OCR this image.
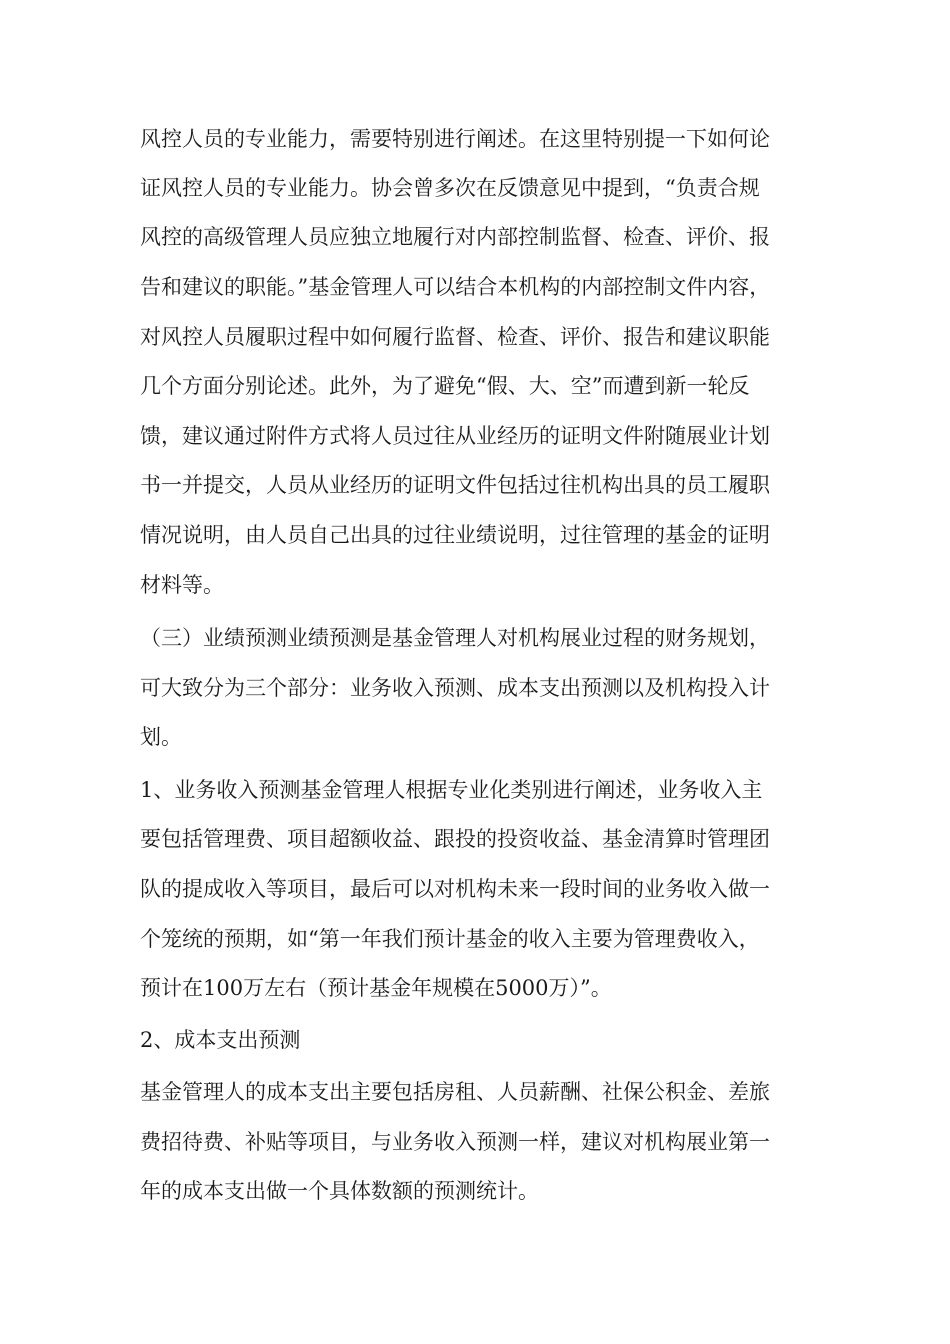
风控人员的专业能力，需要特别进行阐述。在这里特别提一下如何论

证风控人员的专业能力。协会曾多次在反馈意见中提到，“负责合规

风控的高级管理人员应独立地履行对内部控制监督、检查、评价、报

告和建议的职能。”基金管理人可以结合本机构的内部控制文件内容，

对风控人员履职过程中如何履行监督、检查、评价、报告和建议职能

几个方面分别论述。此外，为了避免“假、大、空”而遭到新一轮反

馈，建议通过附件方式将人员过往从业经历的证明文件附随展业计划

书一并提交，人员从业经历的证明文件包括过往机构出具的员工履职

情况说明，由人员自己出具的过往业绩说明，过往管理的基金的证明

材料等。

（三）业绩预测业绩预测是基金管理人对机构展业过程的财务规划，

可大致分为三个部分：业务收入预测、成本支出预测以及机构投入计

划。

1、业务收入预测基金管理人根据专业化类别进行阐述，业务收入主

要包括管理费、项目超额收益、跟投的投资收益、基金清算时管理团

队的提成收入等项目，最后可以对机构未来一段时间的业务收入做一

个笼统的预期，如“第一年我们预计基金的收入主要为管理费收入，

预计在100万左右（预计基金年规模在5000万）”。

2、成本支出预测

基金管理人的成本支出主要包括房租、人员薪酬、社保公积金、差旅

费招待费、补贴等项目，与业务收入预测一样，建议对机构展业第一

年的成本支出做一个具体数额的预测统计。
